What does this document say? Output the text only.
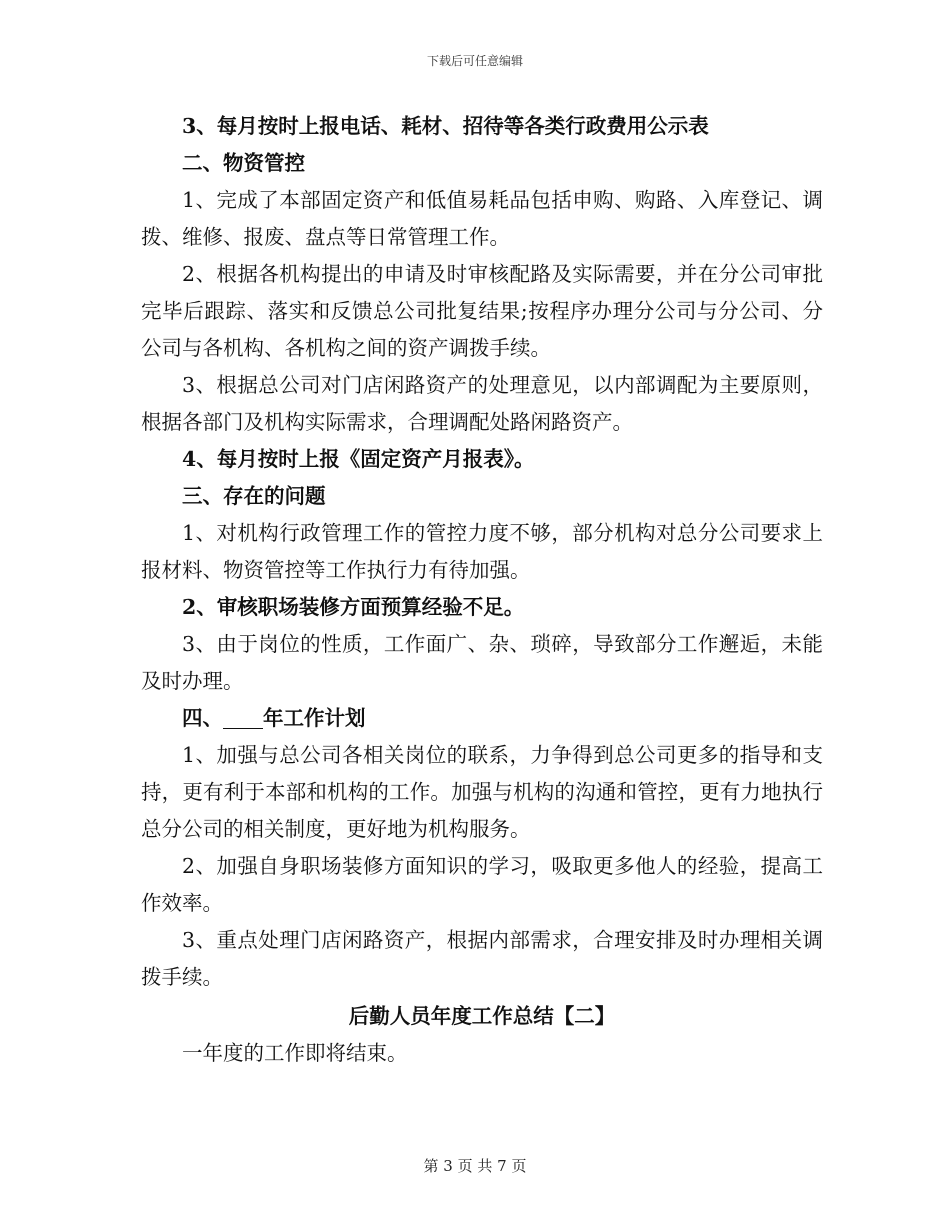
下载后可任意编辑

3、每月按时上报电话、耗材、招待等各类行政费用公示表

二、物资管控

1、完成了本部固定资产和低值易耗品包括申购、购路、入库登记、调拨、维修、报废、盘点等日常管理工作。

2、根据各机构提出的申请及时审核配路及实际需要，并在分公司审批完毕后跟踪、落实和反馈总公司批复结果;按程序办理分公司与分公司、分公司与各机构、各机构之间的资产调拨手续。

3、根据总公司对门店闲路资产的处理意见，以内部调配为主要原则，根据各部门及机构实际需求，合理调配处路闲路资产。

4、每月按时上报《固定资产月报表》。

三、存在的问题

1、对机构行政管理工作的管控力度不够，部分机构对总分公司要求上报材料、物资管控等工作执行力有待加强。

2、审核职场装修方面预算经验不足。

3、由于岗位的性质，工作面广、杂、琐碎，导致部分工作邂逅，未能及时办理。

四、 年工作计划

1、加强与总公司各相关岗位的联系，力争得到总公司更多的指导和支持，更有利于本部和机构的工作。加强与机构的沟通和管控，更有力地执行总分公司的相关制度，更好地为机构服务。

2、加强自身职场装修方面知识的学习，吸取更多他人的经验，提高工作效率。

3、重点处理门店闲路资产，根据内部需求，合理安排及时办理相关调拨手续。

后勤人员年度工作总结【二】

一年度的工作即将结束。

第 3 页 共 7 页
